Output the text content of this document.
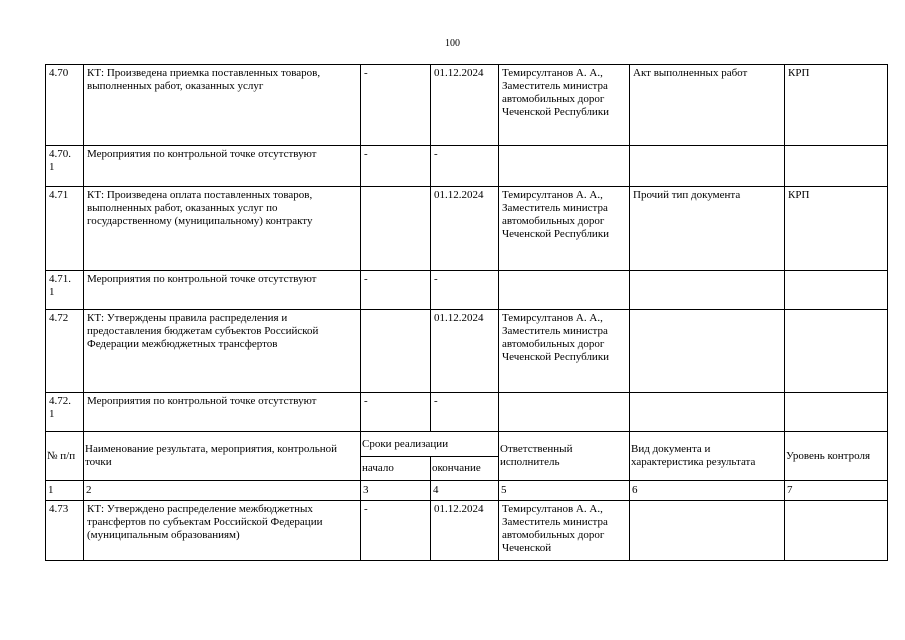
100
4.70	КТ: Произведена приемка поставленных товаров, выполненных работ, оказанных услуг	-	01.12.2024	Темирсултанов А. А., Заместитель министра автомобильных дорог Чеченской Республики	Акт выполненных работ	КРП
4.70.
1	Мероприятия по контрольной точке отсутствуют	-	-			
4.71	КТ: Произведена оплата поставленных товаров, выполненных работ, оказанных услуг по государственному (муниципальному) контракту		01.12.2024	Темирсултанов А. А., Заместитель министра автомобильных дорог Чеченской Республики	Прочий тип документа	КРП
4.71.
1	Мероприятия по контрольной точке отсутствуют	-	-			
4.72	КТ: Утверждены правила распределения и предоставления бюджетам субъектов Российской Федерации межбюджетных трансфертов		01.12.2024	Темирсултанов А. А., Заместитель министра автомобильных дорог Чеченской Республики		
4.72.
1	Мероприятия по контрольной точке отсутствуют	-	-			
№ п/п	Наименование результата, мероприятия, контрольной точки	Сроки реализации		Ответственный исполнитель	Вид документа и характеристика результата	Уровень контроля
		начало	окончание			
1	2	3	4	5	6	7
4.73	КТ: Утверждено распределение межбюджетных трансфертов по субъектам Российской Федерации (муниципальным образованиям)	-	01.12.2024	Темирсултанов А. А., Заместитель министра автомобильных дорог Чеченской		
